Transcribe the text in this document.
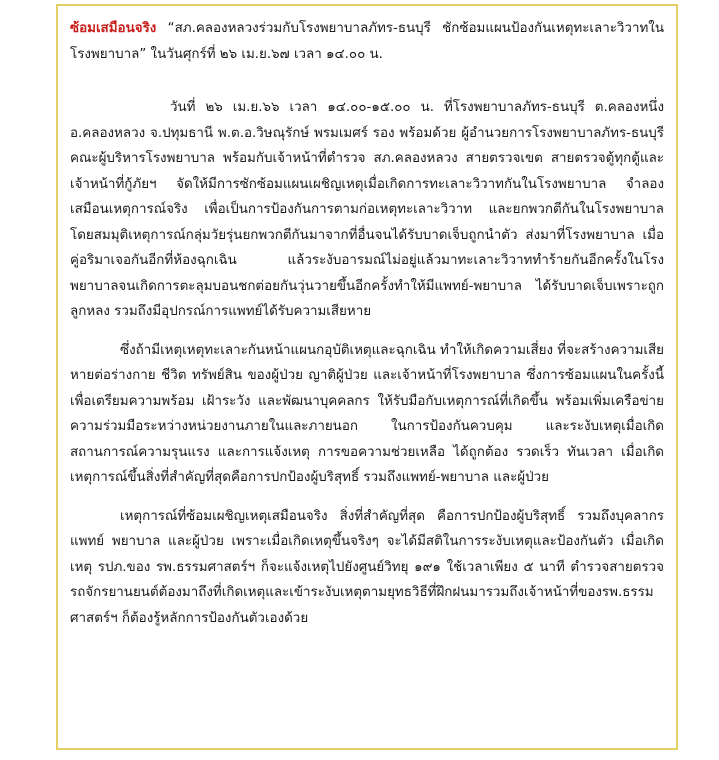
ซ้อมเสมือนจริง “สภ.คลองหลวงร่วมกับโรงพยาบาลภัทร-ธนบุรี ชักซ้อมแผนป้องกันเหตุทะเลาะวิวาทในโรงพยาบาล” ในวันศุกร์ที่ ๒๖ เม.ย.๖๗ เวลา ๑๔.๐๐ น.

วันที่ ๒๖ เม.ย.๖๖ เวลา ๑๔.๐๐-๑๕.๐๐ น. ที่โรงพยาบาลภัทร-ธนบุรี ต.คลองหนึ่ง อ.คลองหลวง จ.ปทุมธานี พ.ต.อ.วิษณุรักษ์ พรมเมศร์ รอง พร้อมด้วย ผู้อำนวยการโรงพยาบาลภัทร-ธนบุรี คณะผู้บริหารโรงพยาบาล พร้อมกับเจ้าหน้าที่ตำรวจ สภ.คลองหลวง สายตรวจเขต สายตรวจตู้ทุกตู้และเจ้าหน้าที่กู้ภัยฯ จัดให้มีการซักซ้อมแผนเผชิญเหตุเมื่อเกิดการทะเลาะวิวาทกันในโรงพยาบาล จำลองเสมือนเหตุการณ์จริง เพื่อเป็นการป้องกันการตามก่อเหตุทะเลาะวิวาท และยกพวกตีกันในโรงพยาบาล โดยสมมุติเหตุการณ์กลุ่มวัยรุ่นยกพวกตีกันมาจากที่อื่นจนได้รับบาดเจ็บถูกนำตัว ส่งมาที่โรงพยาบาล เมื่อคู่อริมาเจอกันอีกที่ห้องฉุกเฉิน แล้วระงับอารมณ์ไม่อยู่แล้วมาทะเลาะวิวาททำร้ายกันอีกครั้งในโรงพยาบาลจนเกิดการตะลุมบอนชกต่อยกันวุ่นวายขึ้นอีกครั้งทำให้มีแพทย์-พยาบาล ได้รับบาดเจ็บเพราะถูกลูกหลง รวมถึงมีอุปกรณ์การแพทย์ได้รับความเสียหาย

ซึ่งถ้ามีเหตุเหตุทะเลาะกันหน้าแผนกอุบัติเหตุและฉุกเฉิน ทำให้เกิดความเสี่ยง ที่จะสร้างความเสียหายต่อร่างกาย ชีวิต ทรัพย์สิน ของผู้ป่วย ญาติผู้ป่วย และเจ้าหน้าที่โรงพยาบาล ซึ่งการซ้อมแผนในครั้งนี้ เพื่อเตรียมความพร้อม เฝ้าระวัง และพัฒนาบุคคลกร ให้รับมือกับเหตุการณ์ที่เกิดขึ้น พร้อมเพิ่มเครือข่ายความร่วมมือระหว่างหน่วยงานภายในและภายนอก ในการป้องกันควบคุม และระงับเหตุเมื่อเกิดสถานการณ์ความรุนแรง และการแจ้งเหตุ การขอความช่วยเหลือ ได้ถูกต้อง รวดเร็ว ทันเวลา เมื่อเกิดเหตุการณ์ขึ้นสิ่งที่สำคัญที่สุดคือการปกป้องผู้บริสุทธิ์ รวมถึงแพทย์-พยาบาล และผู้ป่วย

เหตุการณ์ที่ซ้อมเผชิญเหตุเสมือนจริง สิ่งที่สำคัญที่สุด คือการปกป้องผู้บริสุทธิ์ รวมถึงบุคลากรแพทย์ พยาบาล และผู้ป่วย เพราะเมื่อเกิดเหตุขึ้นจริงๆ จะได้มีสติในการระงับเหตุและป้องกันตัว เมื่อเกิดเหตุ รปภ.ของ รพ.ธรรมศาสตร์ฯ ก็จะแจ้งเหตุไปยังศูนย์วิทยุ ๑๙๑ ใช้เวลาเพียง ๕ นาที ตำรวจสายตรวจรถจักรยานยนต์ต้องมาถึงที่เกิดเหตุและเข้าระงับเหตุตามยุทธวิธีที่ฝึกฝนมารวมถึงเจ้าหน้าที่ของรพ.ธรรมศาสตร์ฯ ก็ต้องรู้หลักการป้องกันตัวเองด้วย
